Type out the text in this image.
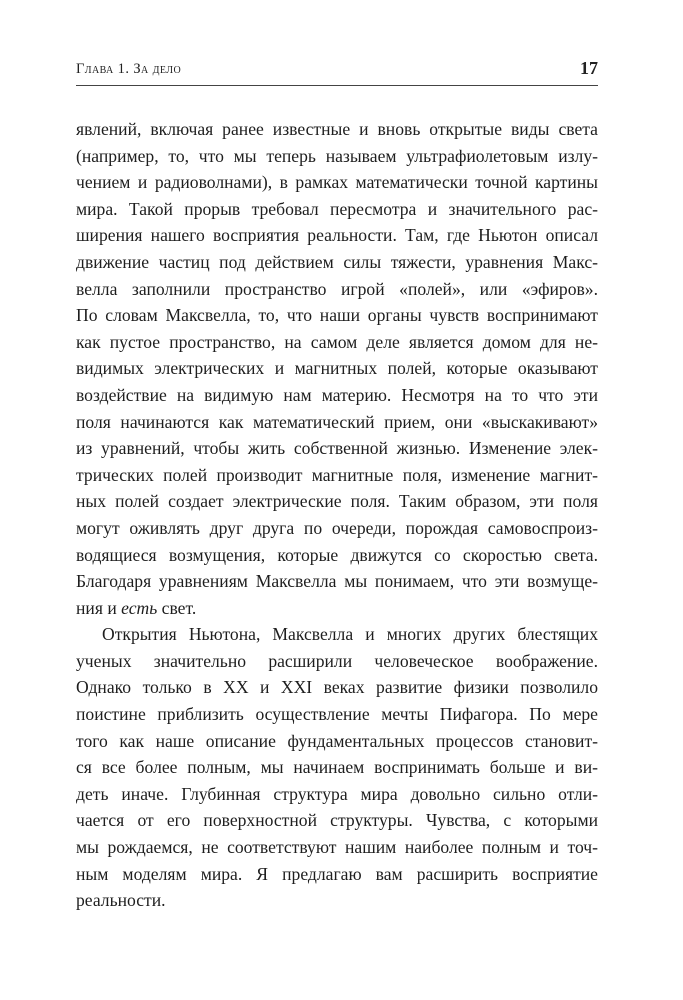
Глава 1. За дело	17
явлений, включая ранее известные и вновь открытые виды света
(например, то, что мы теперь называем ультрафиолетовым излу-
чением и радиоволнами), в рамках математически точной картины
мира. Такой прорыв требовал пересмотра и значительного рас-
ширения нашего восприятия реальности. Там, где Ньютон описал
движение частиц под действием силы тяжести, уравнения Макс-
велла заполнили пространство игрой «полей», или «эфиров».
По словам Максвелла, то, что наши органы чувств воспринимают
как пустое пространство, на самом деле является домом для не-
видимых электрических и магнитных полей, которые оказывают
воздействие на видимую нам материю. Несмотря на то что эти
поля начинаются как математический прием, они «выскакивают»
из уравнений, чтобы жить собственной жизнью. Изменение элек-
трических полей производит магнитные поля, изменение магнит-
ных полей создает электрические поля. Таким образом, эти поля
могут оживлять друг друга по очереди, порождая самовоспроиз-
водящиеся возмущения, которые движутся со скоростью света.
Благодаря уравнениям Максвелла мы понимаем, что эти возмуще-
ния и есть свет.
Открытия Ньютона, Максвелла и многих других блестящих
ученых значительно расширили человеческое воображение.
Однако только в XX и XXI веках развитие физики позволило
поистине приблизить осуществление мечты Пифагора. По мере
того как наше описание фундаментальных процессов становит-
ся все более полным, мы начинаем воспринимать больше и ви-
деть иначе. Глубинная структура мира довольно сильно отли-
чается от его поверхностной структуры. Чувства, с которыми
мы рождаемся, не соответствуют нашим наиболее полным и точ-
ным моделям мира. Я предлагаю вам расширить восприятие
реальности.
